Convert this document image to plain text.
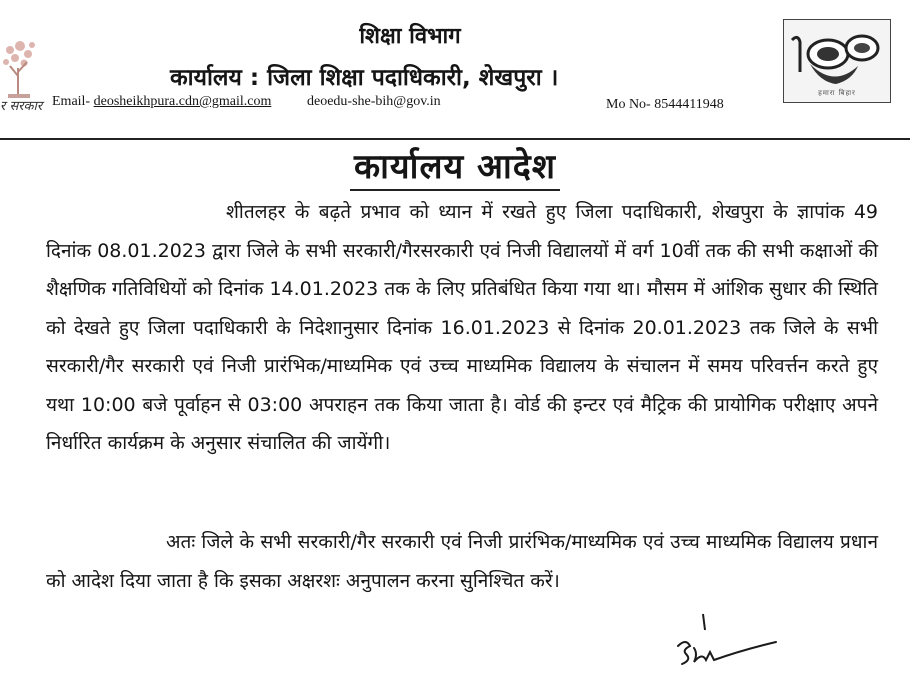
शिक्षा विभाग
कार्यालय : जिला शिक्षा पदाधिकारी, शेखपुरा ।
र सरकार Email- deosheikhpura.cdn@gmail.com	deoedu-she-bih@gov.in	Mo No- 8544411948
हमारा बिहार
कार्यालय आदेश
शीतलहर के बढ़ते प्रभाव को ध्यान में रखते हुए जिला पदाधिकारी, शेखपुरा के ज्ञापांक 49 दिनांक 08.01.2023 द्वारा जिले के सभी सरकारी/गैरसरकारी एवं निजी विद्यालयों में वर्ग 10वीं तक की सभी कक्षाओं की शैक्षणिक गतिविधियों को दिनांक 14.01.2023 तक के लिए प्रतिबंधित किया गया था। मौसम में आंशिक सुधार की स्थिति को देखते हुए जिला पदाधिकारी के निदेशानुसार दिनांक 16.01.2023 से दिनांक 20.01.2023 तक जिले के सभी सरकारी/गैर सरकारी एवं निजी प्रारंभिक/माध्यमिक एवं उच्च माध्यमिक विद्यालय के संचालन में समय परिवर्त्तन करते हुए यथा 10:00 बजे पूर्वाहन से 03:00 अपराहन तक किया जाता है। वोर्ड की इन्टर एवं मैट्रिक की प्रायोगिक परीक्षाए अपने निर्धारित कार्यक्रम के अनुसार संचालित की जायेंगी।
अतः जिले के सभी सरकारी/गैर सरकारी एवं निजी प्रारंभिक/माध्यमिक एवं उच्च माध्यमिक विद्यालय प्रधान को आदेश दिया जाता है कि इसका अक्षरशः अनुपालन करना सुनिश्चित करें।
